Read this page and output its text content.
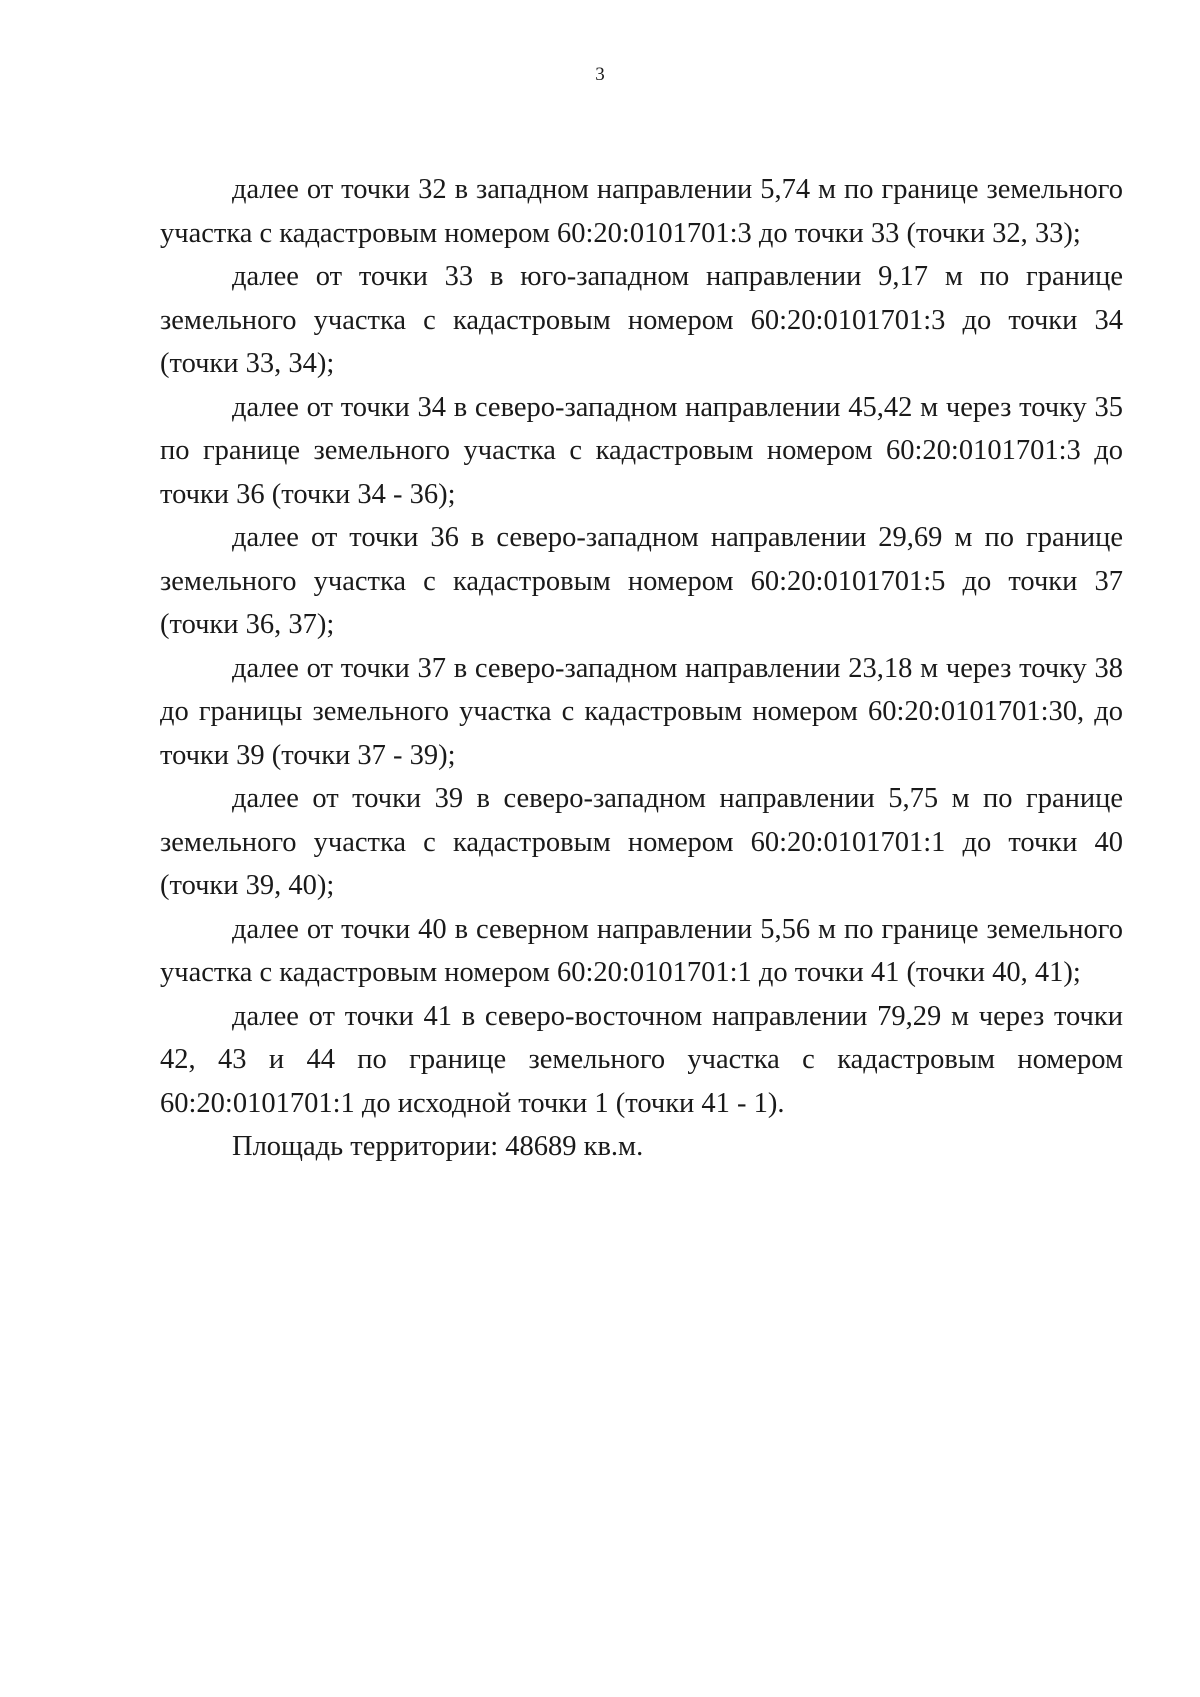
3

далее от точки 32 в западном направлении 5,74 м по границе земельного участка с кадастровым номером 60:20:0101701:3 до точки 33 (точки 32, 33);

далее от точки 33 в юго-западном направлении 9,17 м по границе земельного участка с кадастровым номером 60:20:0101701:3 до точки 34 (точки 33, 34);

далее от точки 34 в северо-западном направлении 45,42 м через точку 35 по границе земельного участка с кадастровым номером 60:20:0101701:3 до точки 36 (точки 34 - 36);

далее от точки 36 в северо-западном направлении 29,69 м по границе земельного участка с кадастровым номером 60:20:0101701:5 до точки 37 (точки 36, 37);

далее от точки 37 в северо-западном направлении 23,18 м через точку 38 до границы земельного участка с кадастровым номером 60:20:0101701:30, до точки 39 (точки 37 - 39);

далее от точки 39 в северо-западном направлении 5,75 м по границе земельного участка с кадастровым номером 60:20:0101701:1 до точки 40 (точки 39, 40);

далее от точки 40 в северном направлении 5,56 м по границе земельного участка с кадастровым номером 60:20:0101701:1 до точки 41 (точки 40, 41);

далее от точки 41 в северо-восточном направлении 79,29 м через точки 42, 43 и 44 по границе земельного участка с кадастровым номером 60:20:0101701:1 до исходной точки 1 (точки 41 - 1).

Площадь территории: 48689 кв.м.
